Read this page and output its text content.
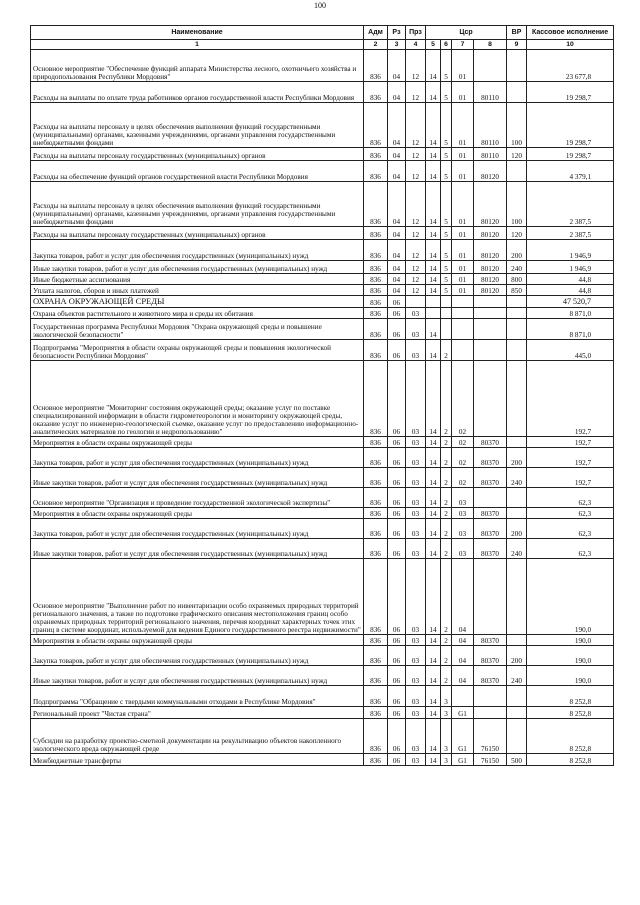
100
Наименование	Адм	Рз	Прз	Цср				ВР	Кассовое исполнение
1	2	3	4	5	6	7	8	9	10
Основное мероприятие "Обеспечение функций аппарата Министерства лесного, охотничьего хозяйства и природопользования Республики Мордовия"	836	04	12	14	5	01			23 677,8
Расходы на выплаты по оплате труда работников органов государственной власти Республики Мордовия	836	04	12	14	5	01	80110		19 298,7
Расходы на выплаты персоналу в целях обеспечения выполнения функций государственными (муниципальными) органами, казенными учреждениями, органами управления государственными внебюджетными фондами	836	04	12	14	5	01	80110	100	19 298,7
Расходы на выплаты персоналу государственных (муниципальных) органов	836	04	12	14	5	01	80110	120	19 298,7
Расходы на обеспечение функций органов государственной власти Республики Мордовия	836	04	12	14	5	01	80120		4 379,1
Расходы на выплаты персоналу в целях обеспечения выполнения функций государственными (муниципальными) органами, казенными учреждениями, органами управления государственными внебюджетными фондами	836	04	12	14	5	01	80120	100	2 387,5
Расходы на выплаты персоналу государственных (муниципальных) органов	836	04	12	14	5	01	80120	120	2 387,5
Закупка товаров, работ и услуг для обеспечения государственных (муниципальных) нужд	836	04	12	14	5	01	80120	200	1 946,9
Иные закупки товаров, работ и услуг для обеспечения государственных (муниципальных) нужд	836	04	12	14	5	01	80120	240	1 946,9
Иные бюджетные ассигнования	836	04	12	14	5	01	80120	800	44,8
Уплата налогов, сборов и иных платежей	836	04	12	14	5	01	80120	850	44,8
ОХРАНА ОКРУЖАЮЩЕЙ СРЕДЫ	836	06							47 520,7
Охрана объектов растительного и животного мира и среды их обитания	836	06	03						8 871,0
Государственная программа Республики Мордовия "Охрана окружающей среды и повышение экологической безопасности"	836	06	03	14					8 871,0
Подпрограмма "Мероприятия в области охраны окружающей среды и повышения экологической безопасности Республики Мордовия"	836	06	03	14	2				445,0
Основное мероприятие "Мониторинг состояния окружающей среды; оказание услуг по поставке специализированной информации в области гидрометеорологии и мониторингу окружающей среды, оказание услуг по инженерно-геологической съемке, оказание услуг по предоставлению информационно-аналитических материалов по геологии и недропользованию"	836	06	03	14	2	02			192,7
Мероприятия в области охраны окружающей среды	836	06	03	14	2	02	80370		192,7
Закупка товаров, работ и услуг для обеспечения государственных (муниципальных) нужд	836	06	03	14	2	02	80370	200	192,7
Иные закупки товаров, работ и услуг для обеспечения государственных (муниципальных) нужд	836	06	03	14	2	02	80370	240	192,7
Основное мероприятие "Организация и проведение государственной экологической экспертизы"	836	06	03	14	2	03			62,3
Мероприятия в области охраны окружающей среды	836	06	03	14	2	03	80370		62,3
Закупка товаров, работ и услуг для обеспечения государственных (муниципальных) нужд	836	06	03	14	2	03	80370	200	62,3
Иные закупки товаров, работ и услуг для обеспечения государственных (муниципальных) нужд	836	06	03	14	2	03	80370	240	62,3
Основное мероприятие "Выполнение работ по инвентаризации особо охраняемых природных территорий регионального значения, а также по подготовке графического описания местоположения границ особо охраняемых природных территорий регионального значения, перечня координат характерных точек этих границ в системе координат, используемой для ведения Единого государственного реестра недвижимости"	836	06	03	14	2	04			190,0
Мероприятия в области охраны окружающей среды	836	06	03	14	2	04	80370		190,0
Закупка товаров, работ и услуг для обеспечения государственных (муниципальных) нужд	836	06	03	14	2	04	80370	200	190,0
Иные закупки товаров, работ и услуг для обеспечения государственных (муниципальных) нужд	836	06	03	14	2	04	80370	240	190,0
Подпрограмма "Обращение с твердыми коммунальными отходами в Республике Мордовия"	836	06	03	14	3				8 252,8
Региональный проект "Чистая страна"	836	06	03	14	3	G1			8 252,8
Субсидии на разработку проектно-сметной документации на рекультивацию объектов накопленного экологического вреда окружающей среде	836	06	03	14	3	G1	76150		8 252,8
Межбюджетные трансферты	836	06	03	14	3	G1	76150	500	8 252,8
